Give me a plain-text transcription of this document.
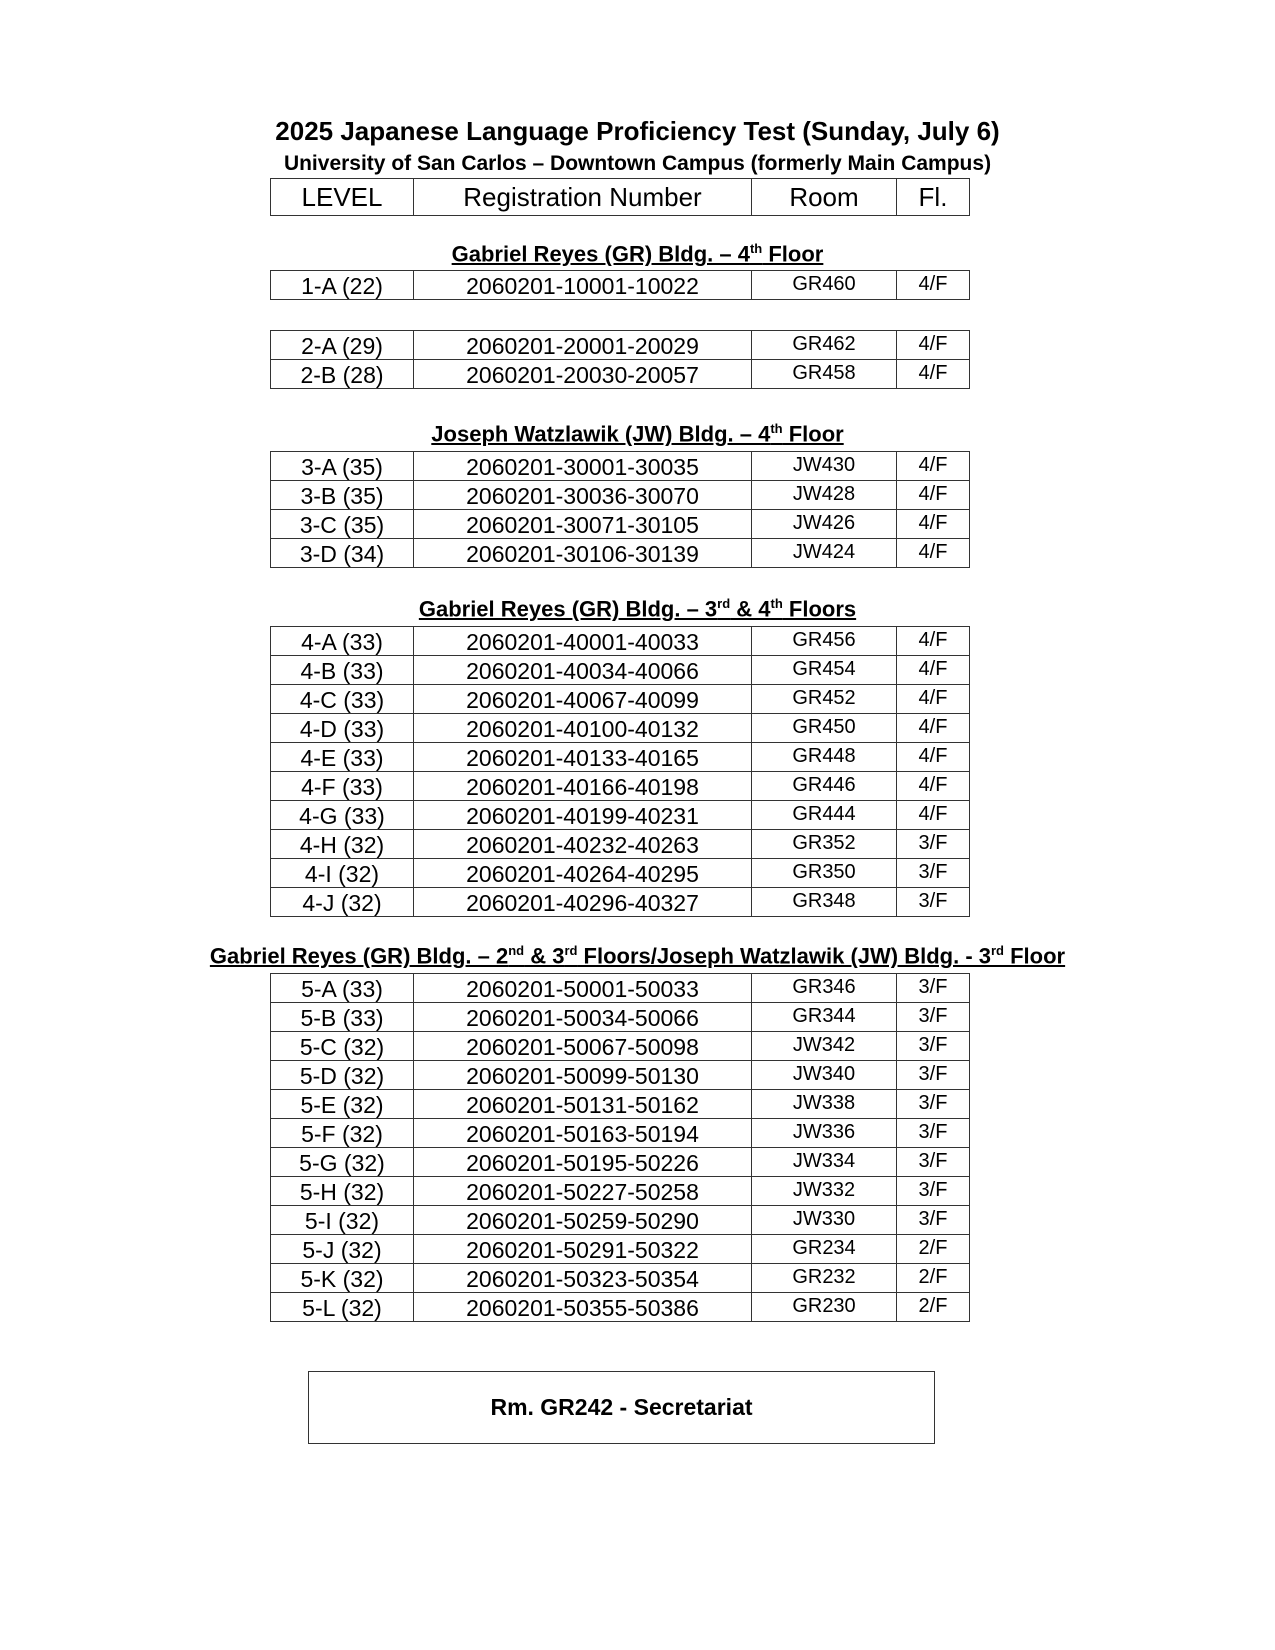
2025 Japanese Language Proficiency Test (Sunday, July 6)
University of San Carlos – Downtown Campus (formerly Main Campus)
LEVEL	Registration Number	Room	Fl.
Gabriel Reyes (GR) Bldg. – 4th Floor
Joseph Watzlawik (JW) Bldg. – 4th Floor
Gabriel Reyes (GR) Bldg. – 3rd & 4th Floors
Gabriel Reyes (GR) Bldg. – 2nd & 3rd Floors/Joseph Watzlawik (JW) Bldg. - 3rd Floor
1-A (22)	2060201-10001-10022	GR460	4/F
2-A (29)	2060201-20001-20029	GR462	4/F
2-B (28)	2060201-20030-20057	GR458	4/F
3-A (35)	2060201-30001-30035	JW430	4/F
3-B (35)	2060201-30036-30070	JW428	4/F
3-C (35)	2060201-30071-30105	JW426	4/F
3-D (34)	2060201-30106-30139	JW424	4/F
4-A (33)	2060201-40001-40033	GR456	4/F
4-B (33)	2060201-40034-40066	GR454	4/F
4-C (33)	2060201-40067-40099	GR452	4/F
4-D (33)	2060201-40100-40132	GR450	4/F
4-E (33)	2060201-40133-40165	GR448	4/F
4-F (33)	2060201-40166-40198	GR446	4/F
4-G (33)	2060201-40199-40231	GR444	4/F
4-H (32)	2060201-40232-40263	GR352	3/F
4-I (32)	2060201-40264-40295	GR350	3/F
4-J (32)	2060201-40296-40327	GR348	3/F
5-A (33)	2060201-50001-50033	GR346	3/F
5-B (33)	2060201-50034-50066	GR344	3/F
5-C (32)	2060201-50067-50098	JW342	3/F
5-D (32)	2060201-50099-50130	JW340	3/F
5-E (32)	2060201-50131-50162	JW338	3/F
5-F (32)	2060201-50163-50194	JW336	3/F
5-G (32)	2060201-50195-50226	JW334	3/F
5-H (32)	2060201-50227-50258	JW332	3/F
5-I (32)	2060201-50259-50290	JW330	3/F
5-J (32)	2060201-50291-50322	GR234	2/F
5-K (32)	2060201-50323-50354	GR232	2/F
5-L (32)	2060201-50355-50386	GR230	2/F
Rm. GR242 - Secretariat
